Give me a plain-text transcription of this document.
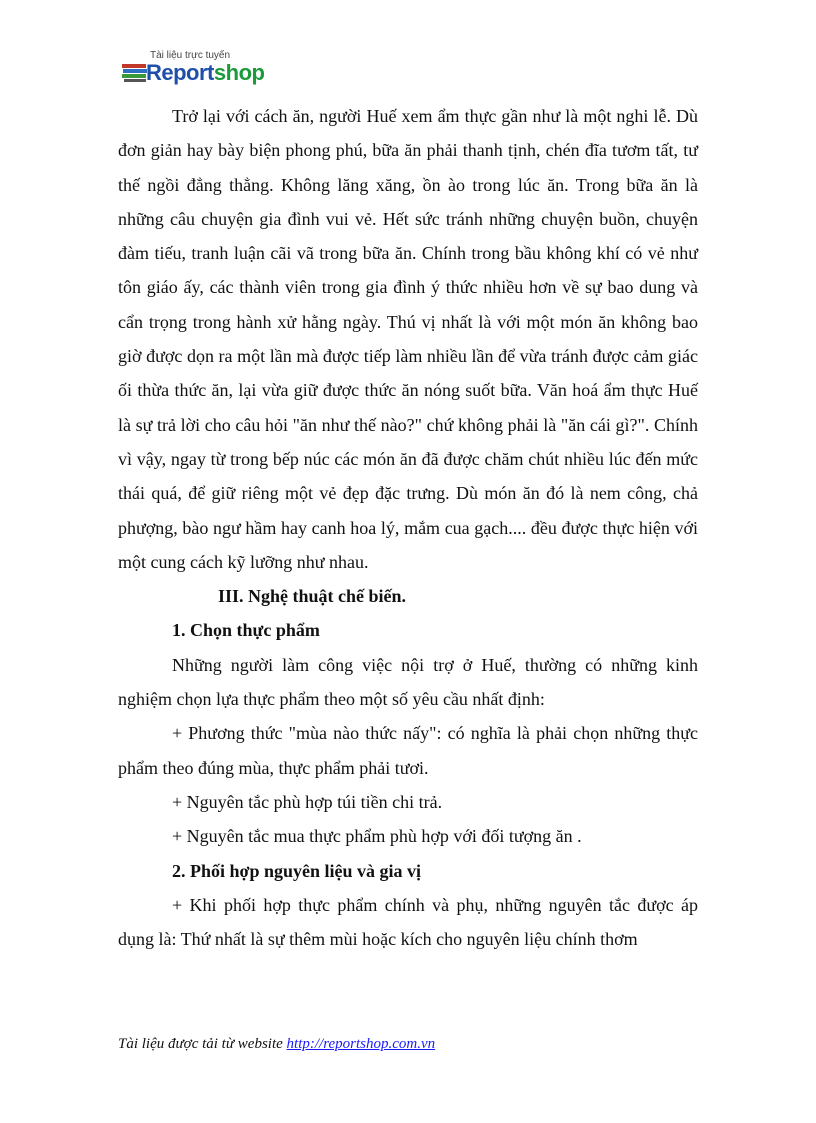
Tài liệu trực tuyến
Reportshop

Trở lại với cách ăn, người Huế xem ẩm thực gần như là một nghi lễ. Dù đơn giản hay bày biện phong phú, bữa ăn phải thanh tịnh, chén đĩa tươm tất, tư thế ngồi đẳng thẳng. Không lăng xăng, ồn ào trong lúc ăn. Trong bữa ăn là những câu chuyện gia đình vui vẻ. Hết sức tránh những chuyện buồn, chuyện đàm tiếu, tranh luận cãi vã trong bữa ăn. Chính trong bầu không khí có vẻ như tôn giáo ấy, các thành viên trong gia đình ý thức nhiều hơn về sự bao dung và cẩn trọng trong hành xử hằng ngày. Thú vị nhất là với một món ăn không bao giờ được dọn ra một lần mà được tiếp làm nhiều lần để vừa tránh được cảm giác ối thừa thức ăn, lại vừa giữ được thức ăn nóng suốt bữa. Văn hoá ẩm thực Huế là sự trả lời cho câu hỏi "ăn như thế nào?" chứ không phải là "ăn cái gì?". Chính vì vậy, ngay từ trong bếp núc các món ăn đã được chăm chút nhiều lúc đến mức thái quá, để giữ riêng một vẻ đẹp đặc trưng. Dù món ăn đó là nem công, chả phượng, bào ngư hầm hay canh hoa lý, mắm cua gạch.... đều được thực hiện với một cung cách kỹ lưỡng như nhau.

III. Nghệ thuật chế biến.

1. Chọn thực phẩm

Những người làm công việc nội trợ ở Huế, thường có những kinh nghiệm chọn lựa thực phẩm theo một số yêu cầu nhất định:

+ Phương thức "mùa nào thức nấy": có nghĩa là phải chọn những thực phẩm theo đúng mùa, thực phẩm phải tươi.

+ Nguyên tắc phù hợp túi tiền chi trả.

+ Nguyên tắc mua thực phẩm phù hợp với đối tượng ăn .

2. Phối hợp nguyên liệu và gia vị

+ Khi phối hợp thực phẩm chính và phụ, những nguyên tắc được áp dụng là: Thứ nhất là sự thêm mùi hoặc kích cho nguyên liệu chính thơm

Tài liệu được tải từ website http://reportshop.com.vn
